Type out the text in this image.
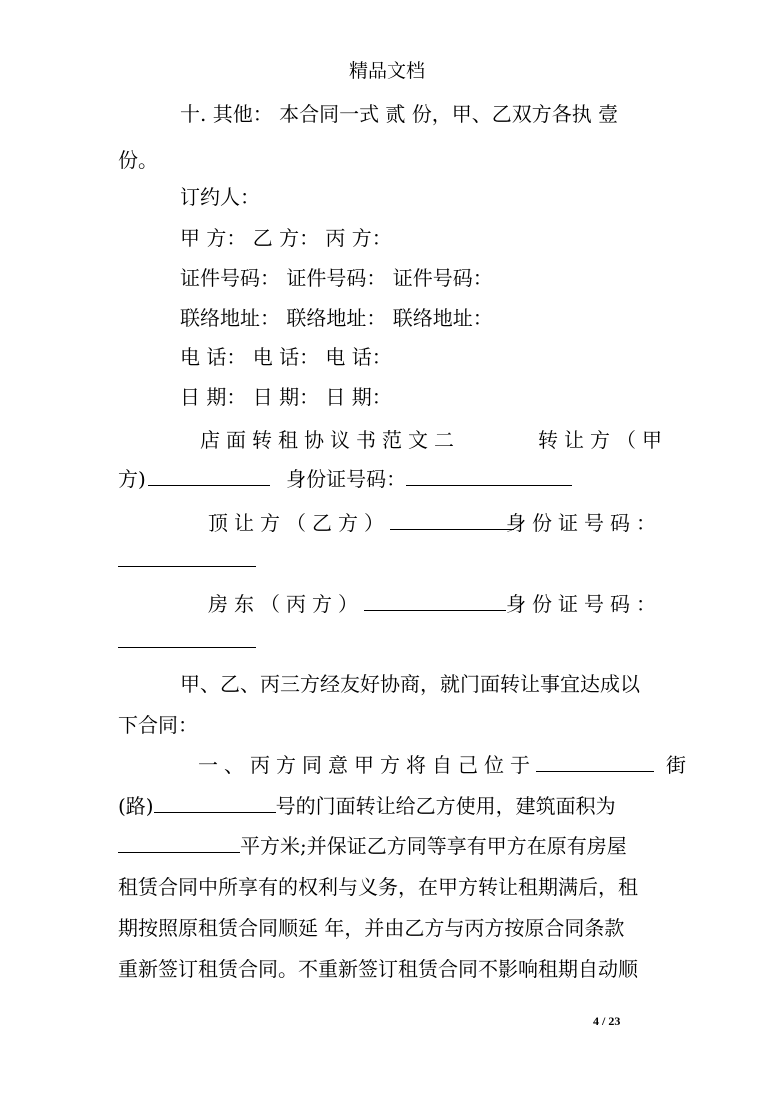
精品文档
十. 其他： 本合同一式 贰 份，甲、乙双方各执 壹
份。
订约人：
甲 方： 乙 方： 丙 方：
证件号码： 证件号码： 证件号码：
联络地址： 联络地址： 联络地址：
电 话： 电 话： 电 话：
日 期： 日 期： 日 期：
店面转租协议书范文二	转让方（甲
方)	身份证号码：
顶让方（乙方）	身份证号码：
房东（丙方）	身份证号码：
甲、乙、丙三方经友好协商，就门面转让事宜达成以
下合同：
一、丙方同意甲方将自己位于	街
(路)	号的门面转让给乙方使用，建筑面积为
平方米;并保证乙方同等享有甲方在原有房屋
租赁合同中所享有的权利与义务，在甲方转让租期满后，租
期按照原租赁合同顺延 年，并由乙方与丙方按原合同条款
重新签订租赁合同。不重新签订租赁合同不影响租期自动顺
4 / 23
